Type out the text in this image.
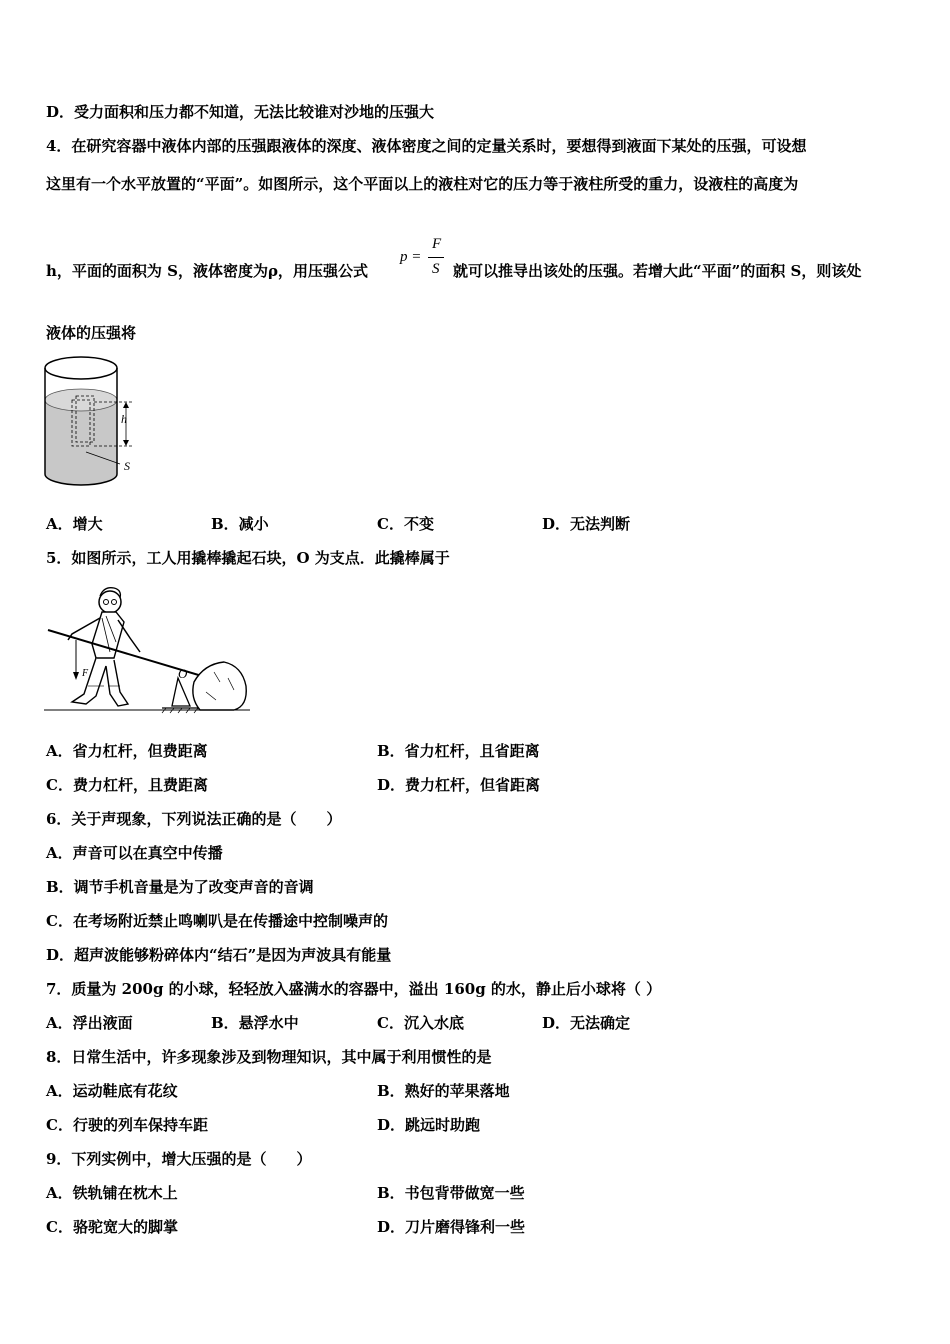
D．受力面积和压力都不知道，无法比较谁对沙地的压强大
4．在研究容器中液体内部的压强跟液体的深度、液体密度之间的定量关系时，要想得到液面下某处的压强，可设想
这里有一个水平放置的“平面”。如图所示，这个平面以上的液柱对它的压力等于液柱所受的重力，设液柱的高度为
h，平面的面积为 S，液体密度为ρ，用压强公式
p =
F
S 就可以推导出该处的压强。若增大此“平面”的面积 S，则该处
液体的压强将
h
S
A．增大	B．减小	C．不变	D．无法判断
5．如图所示，工人用撬棒撬起石块，O 为支点．此撬棒属于
O
F
A．省力杠杆，但费距离	B．省力杠杆，且省距离
C．费力杠杆，且费距离	D．费力杠杆，但省距离
6．关于声现象，下列说法正确的是（　　）
A．声音可以在真空中传播
B．调节手机音量是为了改变声音的音调
C．在考场附近禁止鸣喇叭是在传播途中控制噪声的
D．超声波能够粉碎体内“结石”是因为声波具有能量
7．质量为 200g 的小球，轻轻放入盛满水的容器中，溢出 160g 的水，静止后小球将（ ）
A．浮出液面	B．悬浮水中	C．沉入水底	D．无法确定
8．日常生活中，许多现象涉及到物理知识，其中属于利用惯性的是
A．运动鞋底有花纹	B．熟好的苹果落地
C．行驶的列车保持车距	D．跳远时助跑
9．下列实例中，增大压强的是（　　）
A．铁轨铺在枕木上	B．书包背带做宽一些
C．骆驼宽大的脚掌	D．刀片磨得锋利一些
